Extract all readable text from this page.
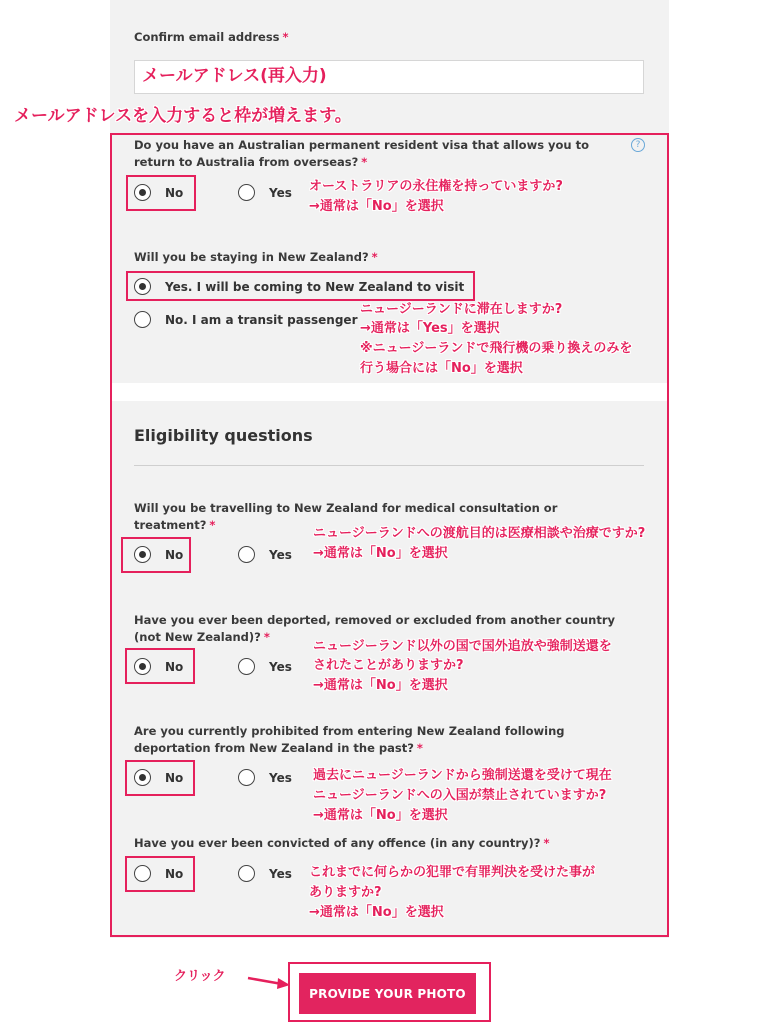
Confirm email address *
メールアドレス(再入力)
メールアドレスを入力すると枠が増えます。
Do you have an Australian permanent resident visa that allows you to
return to Australia from overseas? *
?
No	Yes オーストラリアの永住権を持っていますか?
→通常は「No」を選択
Will you be staying in New Zealand? *
Yes. I will be coming to New Zealand to visit
No. I am a transit passenger
ニュージーランドに滞在しますか?
→通常は「Yes」を選択
※ニュージーランドで飛行機の乗り換えのみを
行う場合には「No」を選択
Eligibility questions
Will you be travelling to New Zealand for medical consultation or
treatment? *
No	Yes
ニュージーランドへの渡航目的は医療相談や治療ですか?
→通常は「No」を選択
Have you ever been deported, removed or excluded from another country
(not New Zealand)? *
No	Yes
ニュージーランド以外の国で国外追放や強制送還を
されたことがありますか?
→通常は「No」を選択
Are you currently prohibited from entering New Zealand following
deportation from New Zealand in the past? *
No	Yes 過去にニュージーランドから強制送還を受けて現在
ニュージーランドへの入国が禁止されていますか?
→通常は「No」を選択
Have you ever been convicted of any offence (in any country)? *
No	Yes これまでに何らかの犯罪で有罪判決を受けた事が
ありますか?
→通常は「No」を選択
クリック
PROVIDE YOUR PHOTO
